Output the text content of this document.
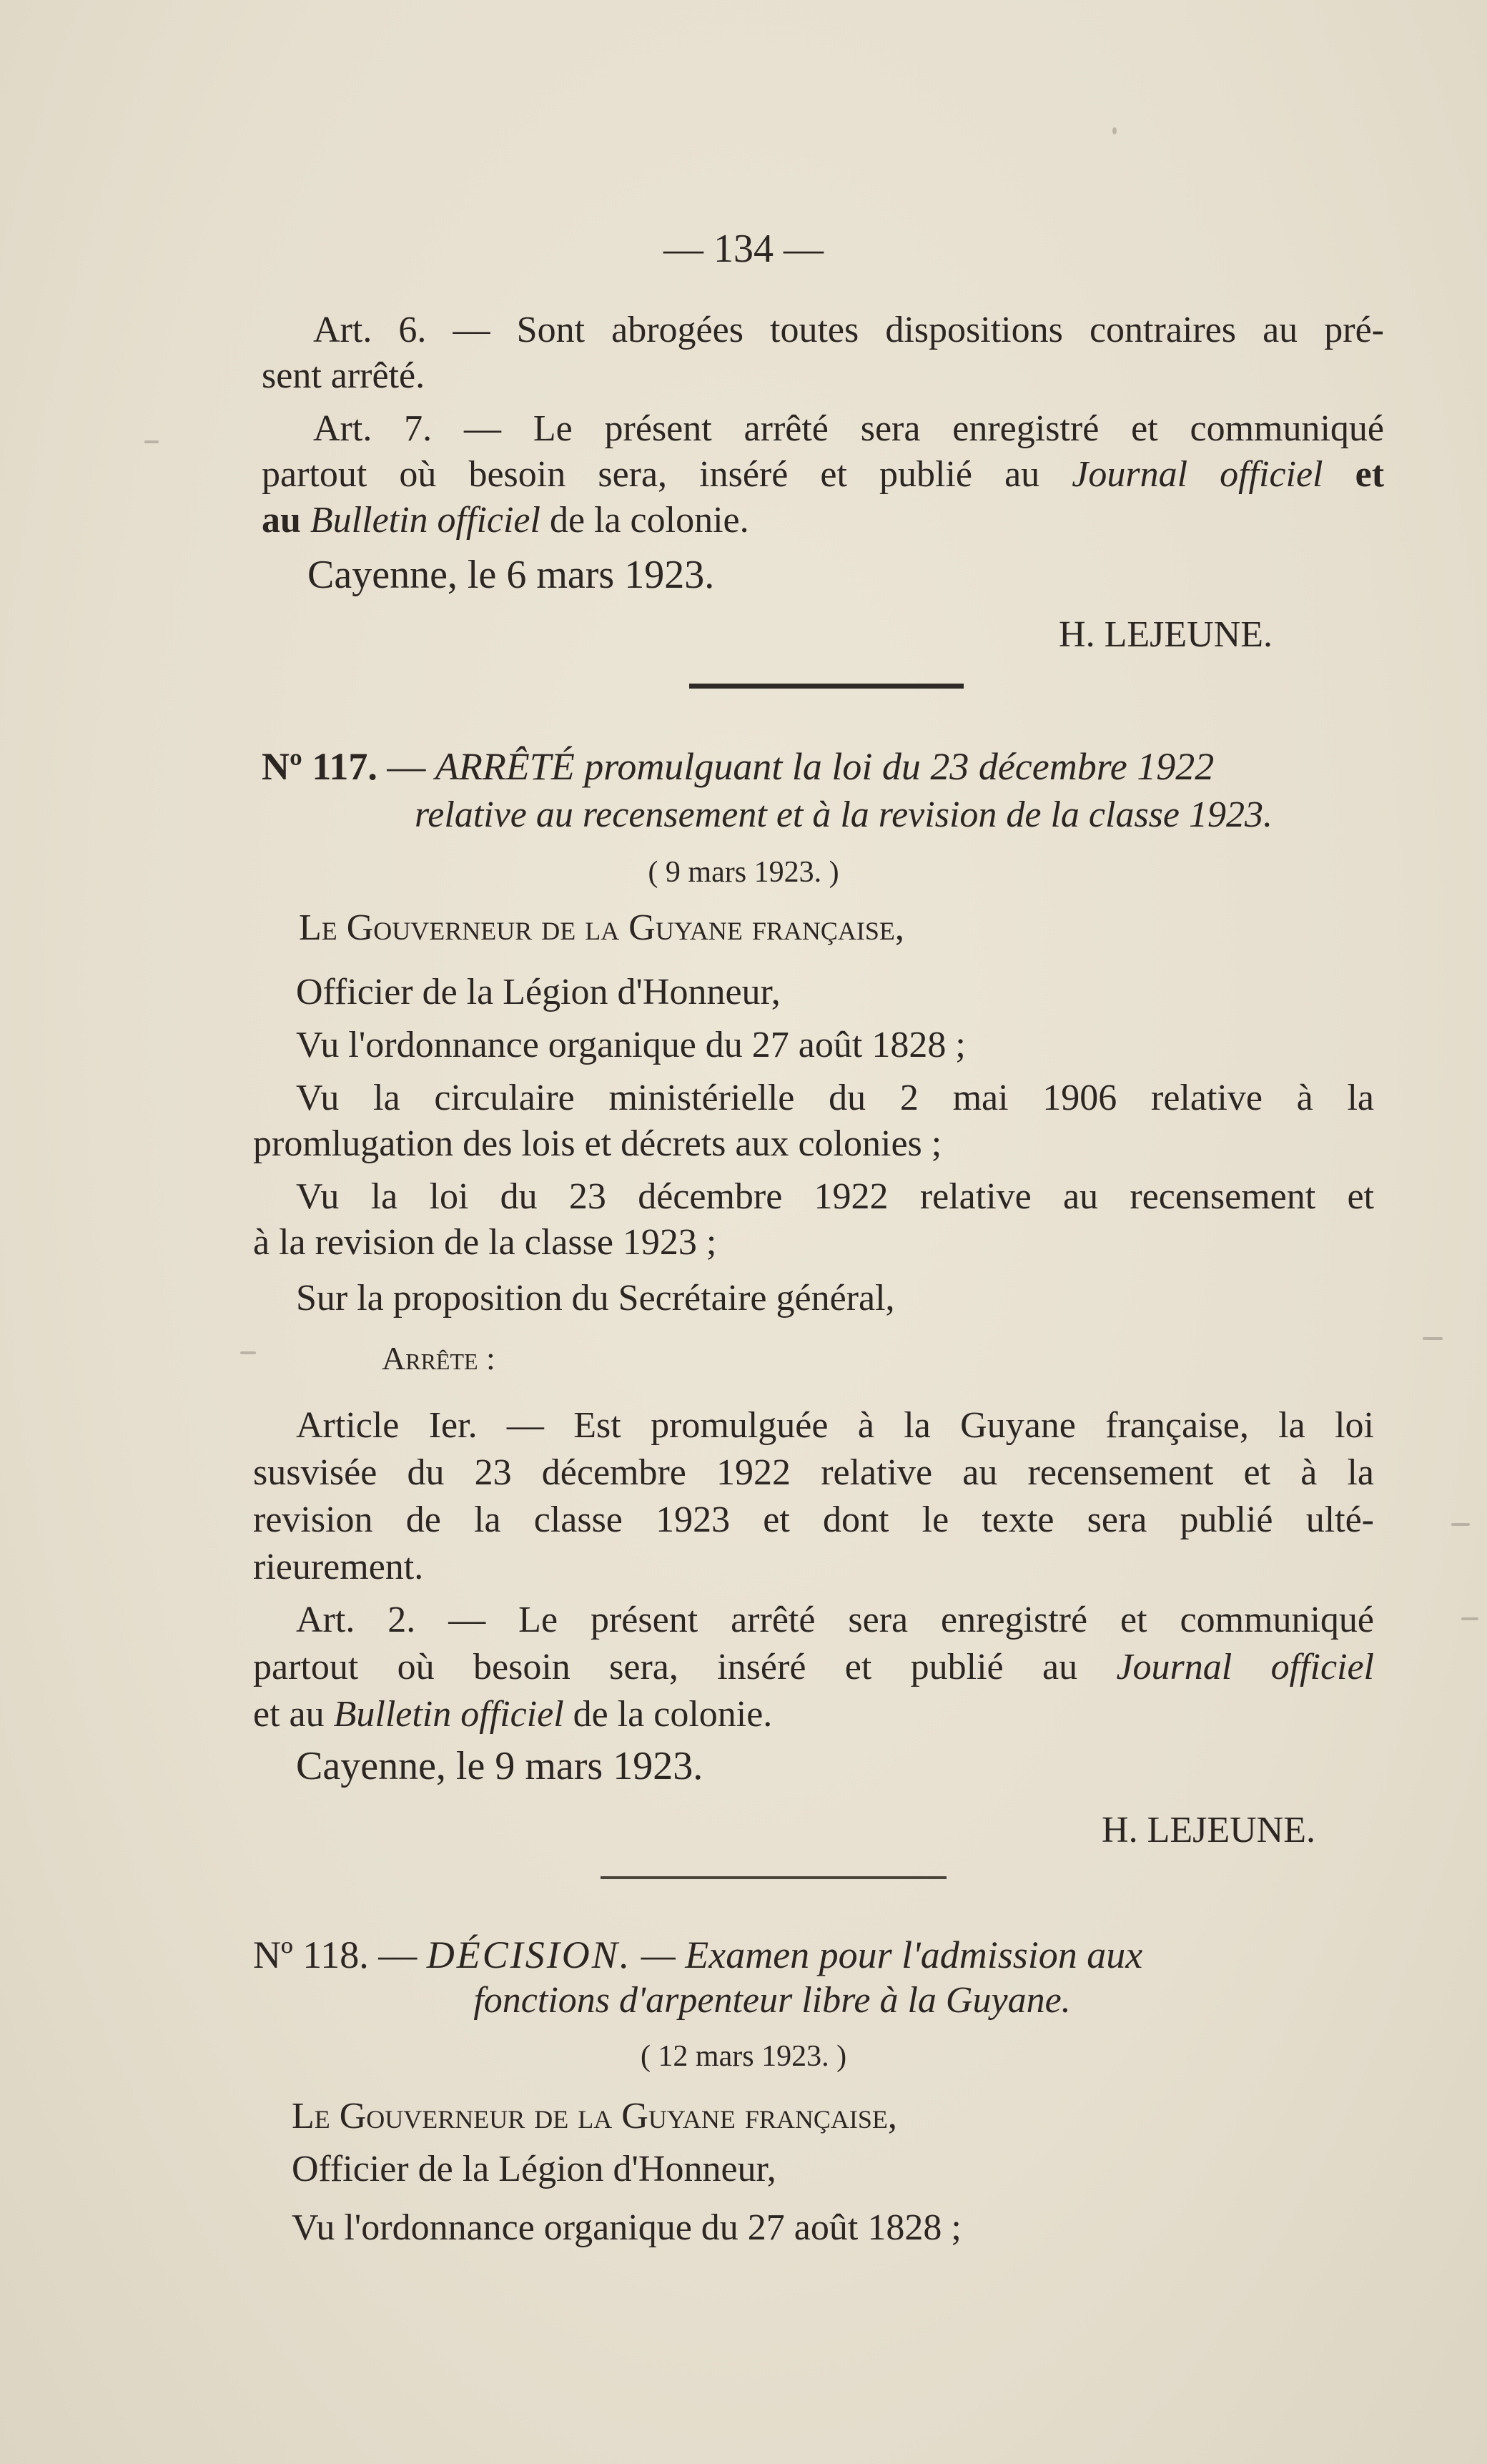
— 134 —
Art. 6. — Sont abrogées toutes dispositions contraires au pré-
sent arrêté.
Art. 7. — Le présent arrêté sera enregistré et communiqué
partout où besoin sera, inséré et publié au Journal officiel et
au Bulletin officiel de la colonie.
Cayenne, le 6 mars 1923.
H. LEJEUNE.
Nº 117. — ARRÊTÉ promulguant la loi du 23 décembre 1922
relative au recensement et à la revision de la classe 1923.
( 9 mars 1923. )
Le Gouverneur de la Guyane française,
Officier de la Légion d'Honneur,
Vu l'ordonnance organique du 27 août 1828 ;
Vu la circulaire ministérielle du 2 mai 1906 relative à la
promlugation des lois et décrets aux colonies ;
Vu la loi du 23 décembre 1922 relative au recensement et
à la revision de la classe 1923 ;
Sur la proposition du Secrétaire général,
Arrête :
Article Ier. — Est promulguée à la Guyane française, la loi
susvisée du 23 décembre 1922 relative au recensement et à la
revision de la classe 1923 et dont le texte sera publié ulté-
rieurement.
Art. 2. — Le présent arrêté sera enregistré et communiqué
partout où besoin sera, inséré et publié au Journal officiel
et au Bulletin officiel de la colonie.
Cayenne, le 9 mars 1923.
H. LEJEUNE.
Nº 118. — DÉCISION. — Examen pour l'admission aux
fonctions d'arpenteur libre à la Guyane.
( 12 mars 1923. )
Le Gouverneur de la Guyane française,
Officier de la Légion d'Honneur,
Vu l'ordonnance organique du 27 août 1828 ;
